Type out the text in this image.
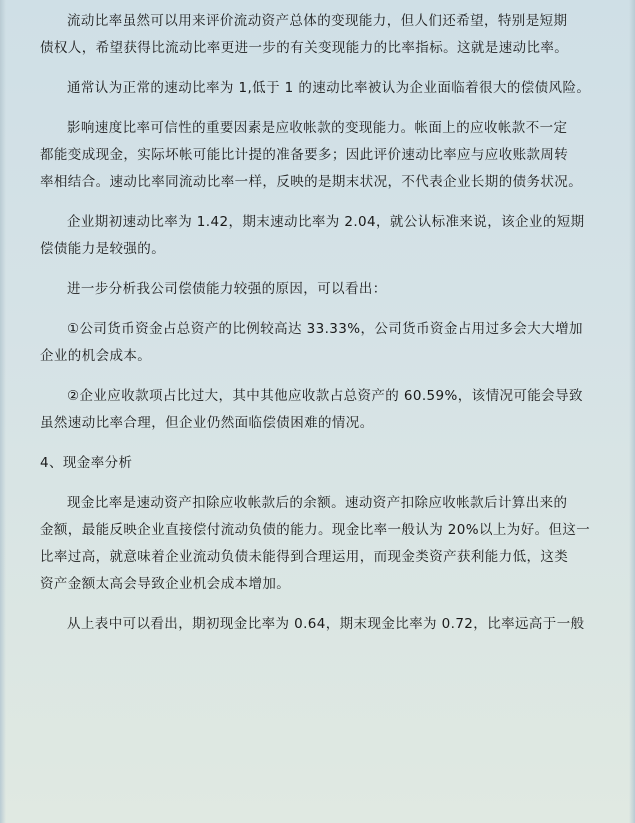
流动比率虽然可以用来评价流动资产总体的变现能力，但人们还希望，特别是短期
债权人，希望获得比流动比率更进一步的有关变现能力的比率指标。这就是速动比率。

通常认为正常的速动比率为 1,低于 1 的速动比率被认为企业面临着很大的偿债风险。

影响速度比率可信性的重要因素是应收帐款的变现能力。帐面上的应收帐款不一定
都能变成现金，实际坏帐可能比计提的准备要多；因此评价速动比率应与应收账款周转
率相结合。速动比率同流动比率一样，反映的是期末状况，不代表企业长期的债务状况。

企业期初速动比率为 1.42，期末速动比率为 2.04，就公认标准来说，该企业的短期
偿债能力是较强的。

进一步分析我公司偿债能力较强的原因，可以看出：

①公司货币资金占总资产的比例较高达 33.33%，公司货币资金占用过多会大大增加
企业的机会成本。

②企业应收款项占比过大，其中其他应收款占总资产的 60.59%，该情况可能会导致
虽然速动比率合理，但企业仍然面临偿债困难的情况。

4、现金率分析

现金比率是速动资产扣除应收帐款后的余额。速动资产扣除应收帐款后计算出来的
金额，最能反映企业直接偿付流动负债的能力。现金比率一般认为 20%以上为好。但这一
比率过高，就意味着企业流动负债未能得到合理运用，而现金类资产获利能力低，这类
资产金额太高会导致企业机会成本增加。

从上表中可以看出，期初现金比率为 0.64，期末现金比率为 0.72，比率远高于一般
